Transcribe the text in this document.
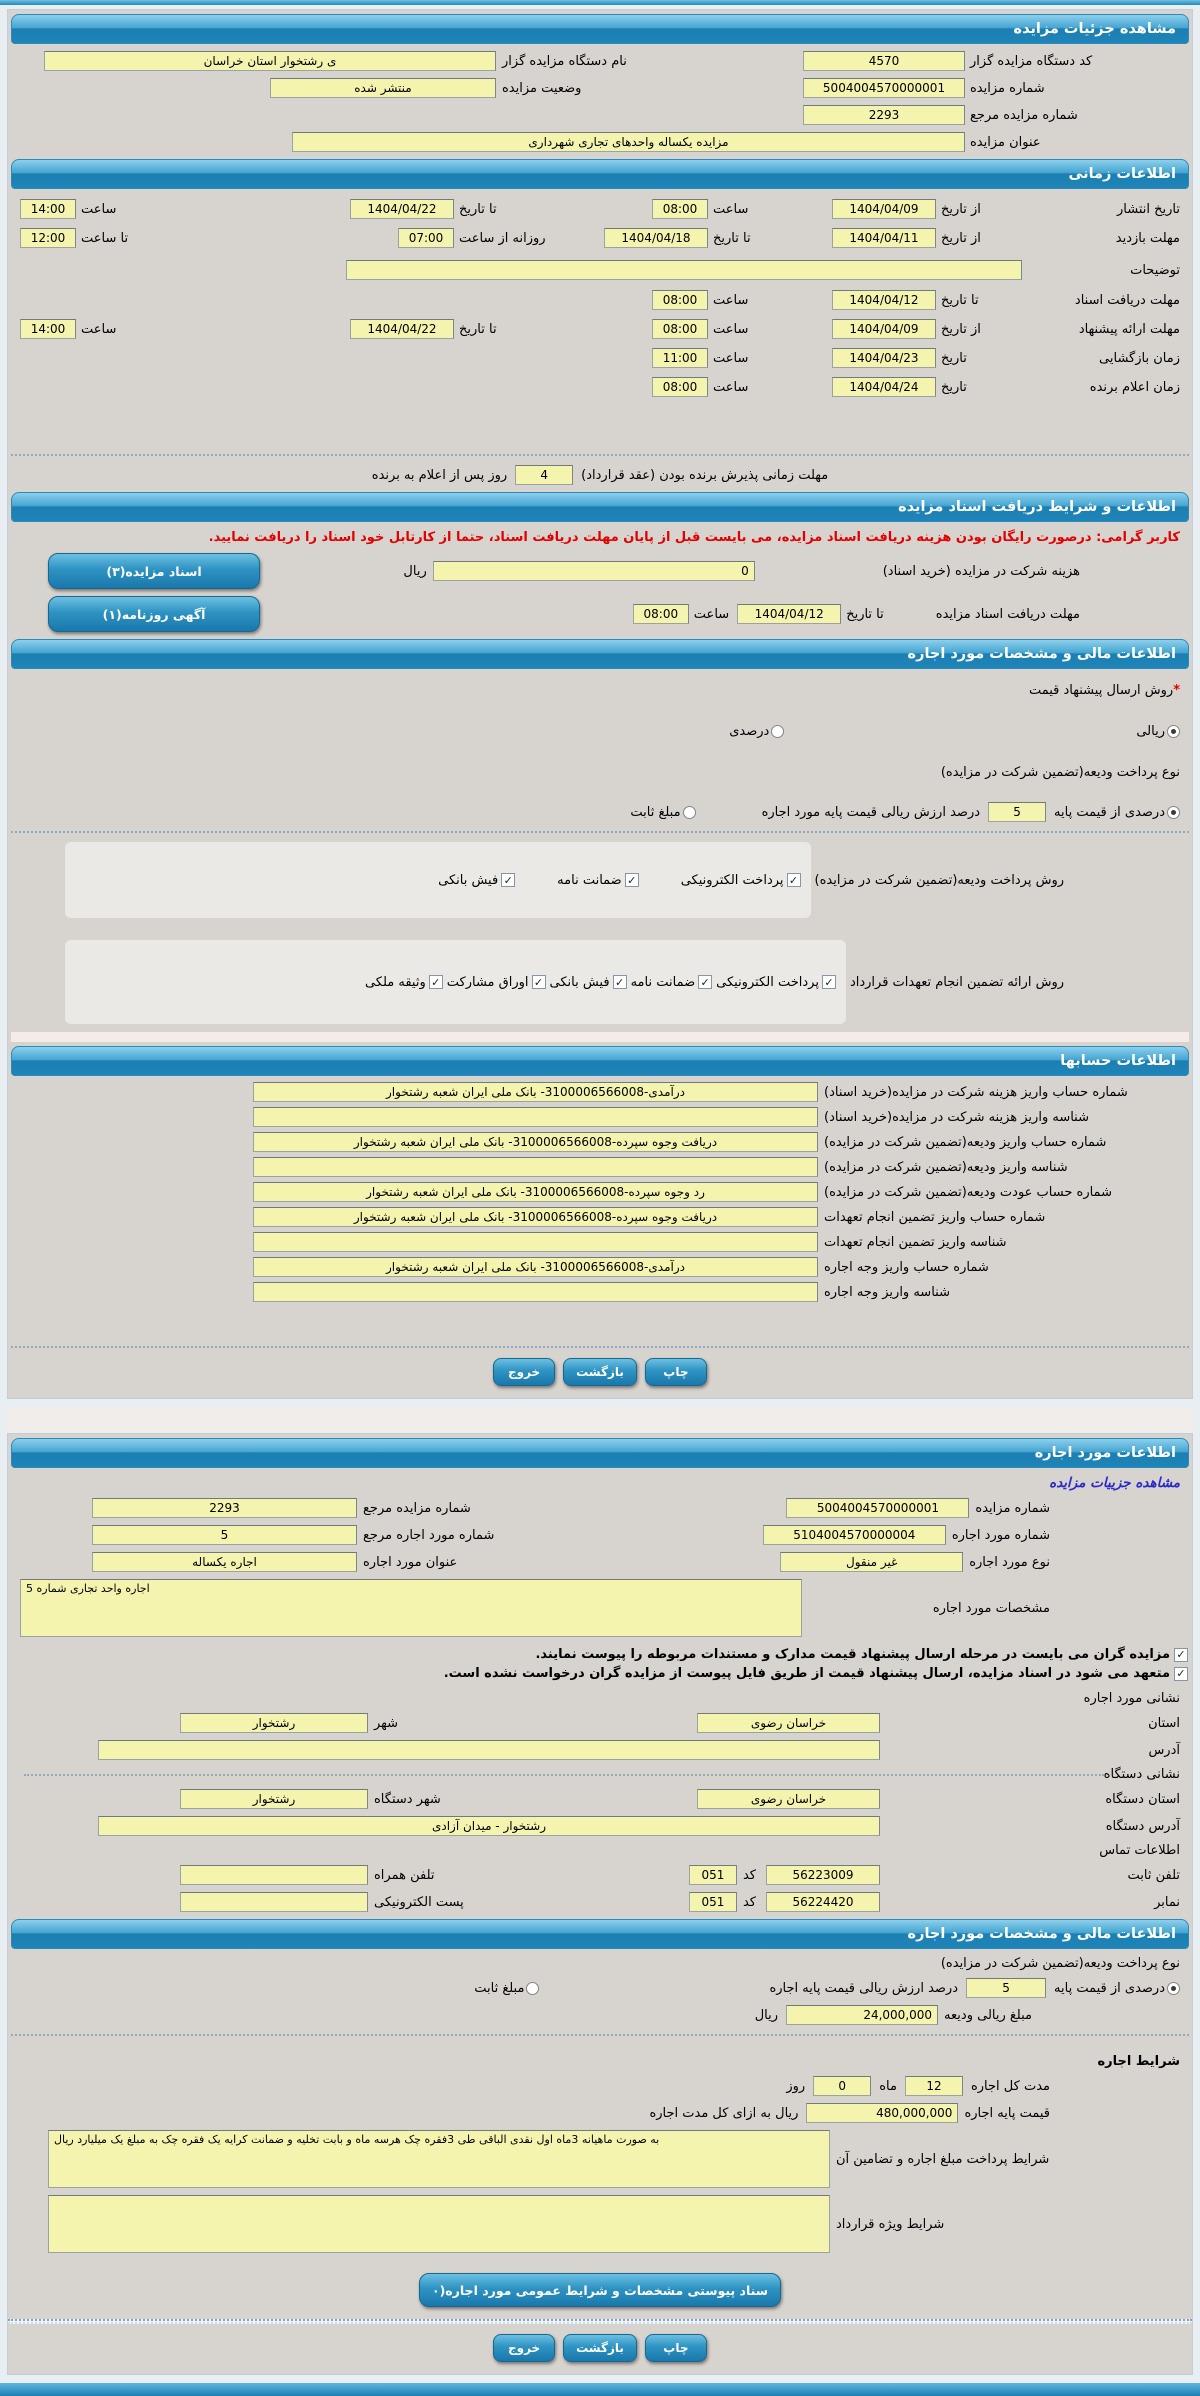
مشاهده جزئیات مزایده
کد دستگاه مزایده گزار
4570
نام دستگاه مزایده گزار
ی رشتخوار استان خراسان
شماره مزایده
5004004570000001
وضعیت مزایده
منتشر شده
شماره مزایده مرجع
2293
عنوان مزایده
مزایده یکساله واحدهای تجاری شهرداری
اطلاعات زمانی
تاریخ انتشار
از تاریخ
1404/04/09
ساعت
08:00
تا تاریخ
1404/04/22
ساعت
14:00
مهلت بازدید
از تاریخ
1404/04/11
تا تاریخ
1404/04/18
روزانه از ساعت
07:00
تا ساعت
12:00
توضیحات
مهلت دریافت اسناد
تا تاریخ
1404/04/12
ساعت
08:00
مهلت ارائه پیشنهاد
از تاریخ
1404/04/09
ساعت
08:00
تا تاریخ
1404/04/22
ساعت
14:00
زمان بازگشایی
تاریخ
1404/04/23
ساعت
11:00
زمان اعلام برنده
تاریخ
1404/04/24
ساعت
08:00
مهلت زمانی پذیرش برنده بودن (عقد قرارداد)
4
روز پس از اعلام به برنده
اطلاعات و شرایط دریافت اسناد مزایده
کاربر گرامی: درصورت رایگان بودن هزینه دریافت اسناد مزایده، می بایست قبل از پایان مهلت دریافت اسناد، حتما از کارتابل خود اسناد را دریافت نمایید.
هزینه شرکت در مزایده (خرید اسناد)
0
ریال
اسناد مزایده(۳)
مهلت دریافت اسناد مزایده
تا تاریخ
1404/04/12
ساعت
08:00
آگهی روزنامه(۱)
اطلاعات مالی و مشخصات مورد اجاره
*
روش ارسال پیشنهاد قیمت
ریالی
درصدی
نوع پرداخت ودیعه(تضمین شرکت در مزایده)
درصدی از قیمت پایه
5
درصد ارزش ریالی قیمت پایه مورد اجاره
مبلغ ثابت
روش پرداخت ودیعه(تضمین شرکت در مزایده)
✓
پرداخت الکترونیکی
✓
ضمانت نامه
✓
فیش بانکی
روش ارائه تضمین انجام تعهدات قرارداد
✓
پرداخت الکترونیکی
✓
ضمانت نامه
✓
فیش بانکی
✓
اوراق مشارکت
✓
وثیقه ملکی
اطلاعات حسابها
شماره حساب واریز هزینه شرکت در مزایده(خرید اسناد)
درآمدی-3100006566008- بانک ملی ایران شعبه رشتخوار
شناسه واریز هزینه شرکت در مزایده(خرید اسناد)
شماره حساب واریز ودیعه(تضمین شرکت در مزایده)
دریافت وجوه سپرده-3100006566008- بانک ملی ایران شعبه رشتخوار
شناسه واریز ودیعه(تضمین شرکت در مزایده)
شماره حساب عودت ودیعه(تضمین شرکت در مزایده)
رد وجوه سپرده-3100006566008- بانک ملی ایران شعبه رشتخوار
شماره حساب واریز تضمین انجام تعهدات
دریافت وجوه سپرده-3100006566008- بانک ملی ایران شعبه رشتخوار
شناسه واریز تضمین انجام تعهدات
شماره حساب واریز وجه اجاره
درآمدی-3100006566008- بانک ملی ایران شعبه رشتخوار
شناسه واریز وجه اجاره
چاپ
بازگشت
خروج
اطلاعات مورد اجاره
مشاهده جزییات مزایده
شماره مزایده
5004004570000001
شماره مزایده مرجع
2293
شماره مورد اجاره
5104004570000004
شماره مورد اجاره مرجع
5
نوع مورد اجاره
غیر منقول
عنوان مورد اجاره
اجاره یکساله
مشخصات مورد اجاره
اجاره واحد تجاری شماره 5
✓
مزایده گران می بایست در مرحله ارسال پیشنهاد قیمت مدارک و مستندات مربوطه را پیوست نمایند.
✓
متعهد می شود در اسناد مزایده، ارسال پیشنهاد قیمت از طریق فایل پیوست از مزایده گران درخواست نشده است.
نشانی مورد اجاره
استان
خراسان رضوی
شهر
رشتخوار
آدرس
نشانی دستگاه
استان دستگاه
خراسان رضوی
شهر دستگاه
رشتخوار
آدرس دستگاه
رشتخوار - میدان آزادی
اطلاعات تماس
تلفن ثابت
56223009
کد
051
تلفن همراه
نمابر
56224420
کد
051
پست الکترونیکی
اطلاعات مالی و مشخصات مورد اجاره
نوع پرداخت ودیعه(تضمین شرکت در مزایده)
درصدی از قیمت پایه
5
درصد ارزش ریالی قیمت پایه اجاره
مبلغ ثابت
مبلغ ریالی ودیعه
24,000,000
ریال
شرایط اجاره
مدت کل اجاره
12
ماه
0
روز
قیمت پایه اجاره
480,000,000
ریال به ازای کل مدت اجاره
شرایط پرداخت مبلغ اجاره و تضامین آن
به صورت ماهیانه 3ماه اول نقدی الباقی طی 3فقره چک هرسه ماه و بابت تخلیه و ضمانت کرایه یک فقره چک به مبلغ یک میلیارد ریال
شرایط ویژه قرارداد
سناد پیوستی مشخصات و شرایط عمومی مورد اجاره(۰
چاپ
بازگشت
خروج
